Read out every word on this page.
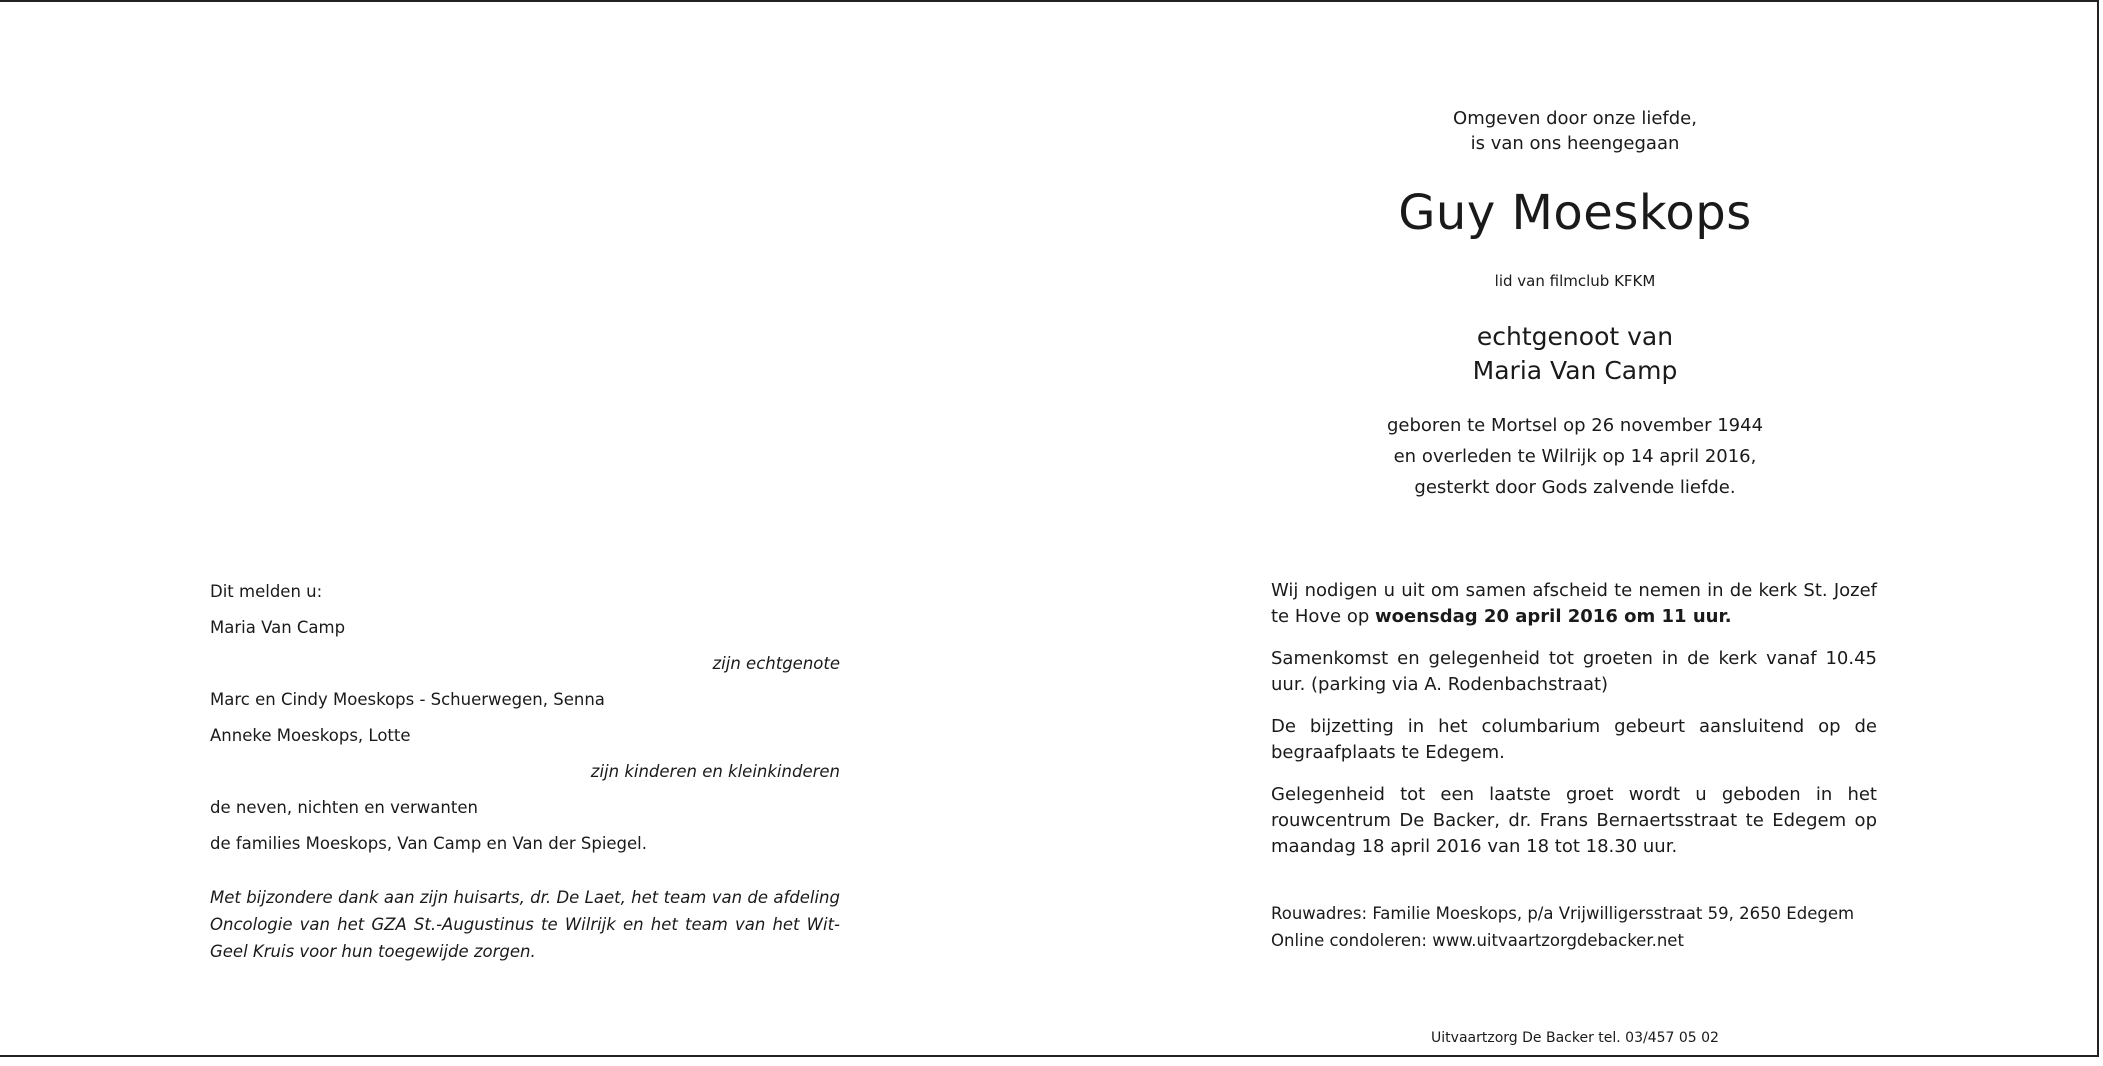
Omgeven door onze liefde,
is van ons heengegaan
Guy Moeskops
lid van filmclub KFKM
echtgenoot van
Maria Van Camp
geboren te Mortsel op 26 november 1944
en overleden te Wilrijk op 14 april 2016,
gesterkt door Gods zalvende liefde.

Wij nodigen u uit om samen afscheid te nemen in de kerk St. Jozef te Hove op woensdag 20 april 2016 om 11 uur.

Samenkomst en gelegenheid tot groeten in de kerk vanaf 10.45 uur. (parking via A. Rodenbachstraat)

De bijzetting in het columbarium gebeurt aansluitend op de begraafplaats te Edegem.

Gelegenheid tot een laatste groet wordt u geboden in het rouwcentrum De Backer, dr. Frans Bernaertsstraat te Edegem op maandag 18 april 2016 van 18 tot 18.30 uur.

Rouwadres: Familie Moeskops, p/a Vrijwilligersstraat 59, 2650 Edegem
Online condoleren: www.uitvaartzorgdebacker.net
Uitvaartzorg De Backer tel. 03/457 05 02
Dit melden u:
Maria Van Camp
zijn echtgenote
Marc en Cindy Moeskops - Schuerwegen, Senna
Anneke Moeskops, Lotte
zijn kinderen en kleinkinderen
de neven, nichten en verwanten
de families Moeskops, Van Camp en Van der Spiegel.
Met bijzondere dank aan zijn huisarts, dr. De Laet, het team van de afdeling Oncologie van het GZA St.-Augustinus te Wilrijk en het team van het Wit-Geel Kruis voor hun toegewijde zorgen.
